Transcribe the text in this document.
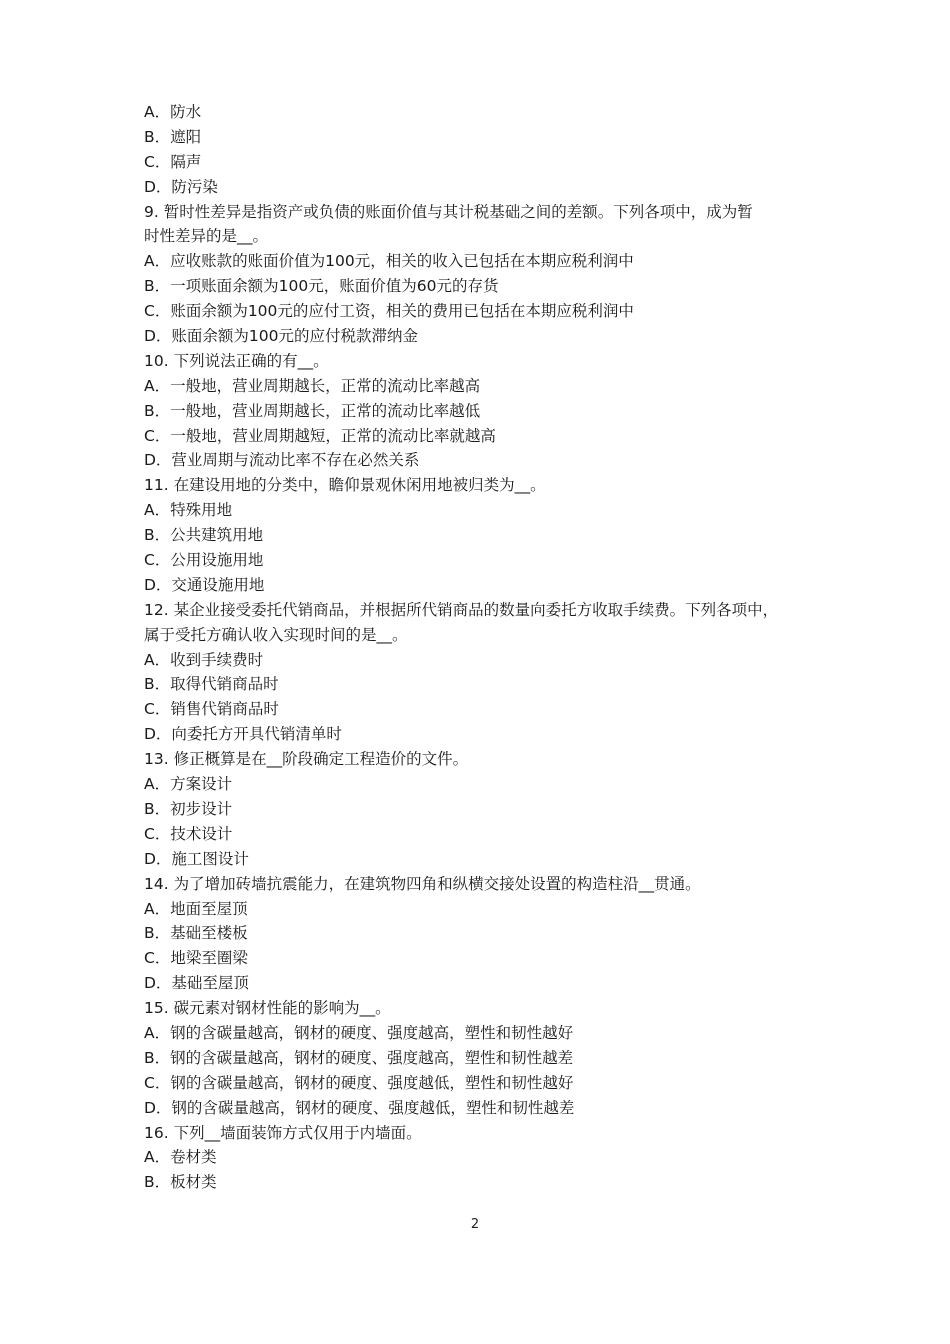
A．防水
B．遮阳
C．隔声
D．防污染
9. 暂时性差异是指资产或负债的账面价值与其计税基础之间的差额。下列各项中，成为暂
时性差异的是__。
A．应收账款的账面价值为100元，相关的收入已包括在本期应税利润中
B．一项账面余额为100元，账面价值为60元的存货
C．账面余额为100元的应付工资，相关的费用已包括在本期应税利润中
D．账面余额为100元的应付税款滞纳金
10. 下列说法正确的有__。
A．一般地，营业周期越长，正常的流动比率越高
B．一般地，营业周期越长，正常的流动比率越低
C．一般地，营业周期越短，正常的流动比率就越高
D．营业周期与流动比率不存在必然关系
11. 在建设用地的分类中，瞻仰景观休闲用地被归类为__。
A．特殊用地
B．公共建筑用地
C．公用设施用地
D．交通设施用地
12. 某企业接受委托代销商品，并根据所代销商品的数量向委托方收取手续费。下列各项中，
属于受托方确认收入实现时间的是__。
A．收到手续费时
B．取得代销商品时
C．销售代销商品时
D．向委托方开具代销清单时
13. 修正概算是在__阶段确定工程造价的文件。
A．方案设计
B．初步设计
C．技术设计
D．施工图设计
14. 为了增加砖墙抗震能力，在建筑物四角和纵横交接处设置的构造柱沿__贯通。
A．地面至屋顶
B．基础至楼板
C．地梁至圈梁
D．基础至屋顶
15. 碳元素对钢材性能的影响为__。
A．钢的含碳量越高，钢材的硬度、强度越高，塑性和韧性越好
B．钢的含碳量越高，钢材的硬度、强度越高，塑性和韧性越差
C．钢的含碳量越高，钢材的硬度、强度越低，塑性和韧性越好
D．钢的含碳量越高，钢材的硬度、强度越低，塑性和韧性越差
16. 下列__墙面装饰方式仅用于内墙面。
A．卷材类
B．板材类
2
